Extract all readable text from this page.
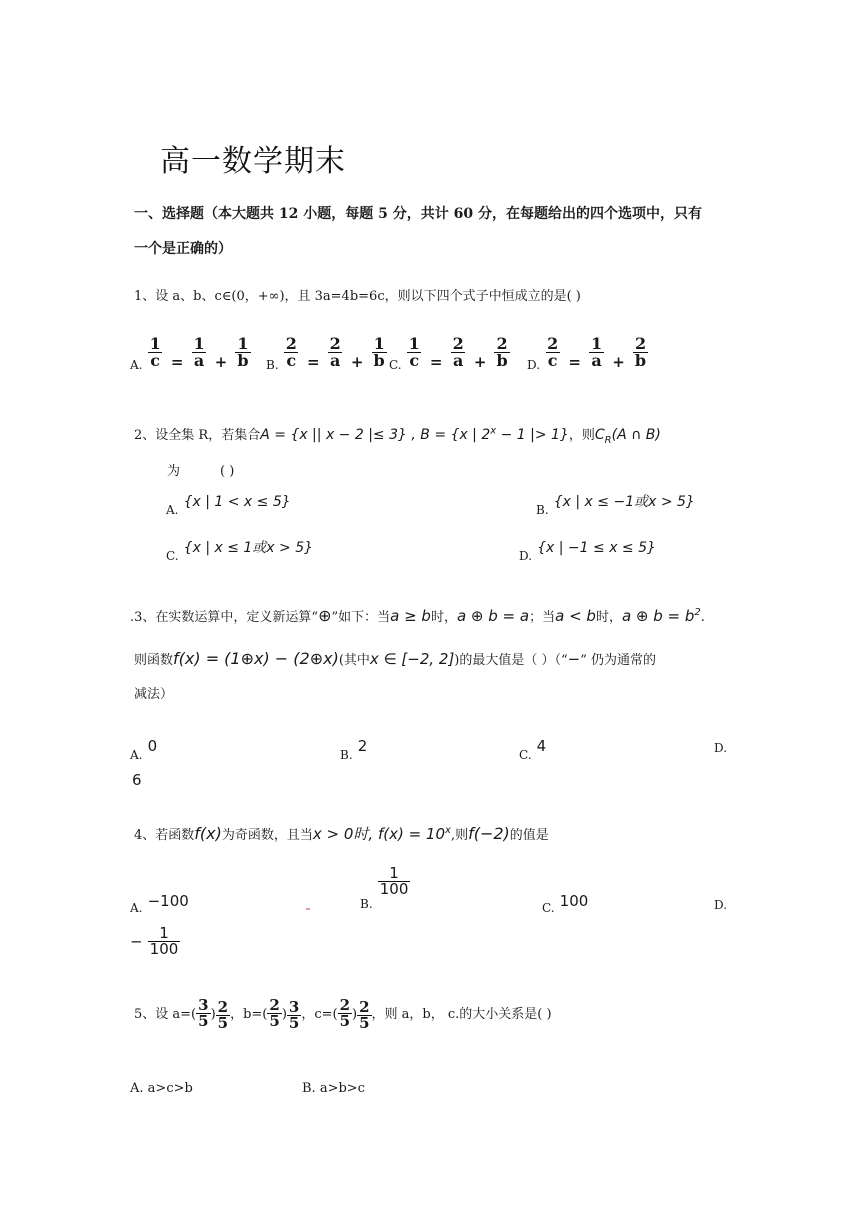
高一数学期末
一、选择题（本大题共 12 小题，每题 5 分，共计 60 分，在每题给出的四个选项中，只有
一个是正确的）
1、设 a、b、c∈(0，+∞)，且 3a=4b=6c，则以下四个式子中恒成立的是( )
$_{A.} \frac{1}{c} = \frac{1}{a} + \frac{1}{b} _{B.} \frac{2}{c} = \frac{2}{a} + \frac{1}{b} _{C.} \frac{1}{c} = \frac{2}{a} + \frac{2}{b} _{D.} \frac{2}{c} = \frac{1}{a} + \frac{2}{b}$
2、设全集 R，若集合A = {x || x − 2 |≤ 3} , B = {x | $2^x - 1$ |> 1}，则$C_R(A$ ∩ B)
为	( )
$_{A.}$ {x | 1 < x ≤ 5}	$_{B.}$ {x | x ≤ −1或x > 5}
$_{C.}$ {x | x ≤ 1或x > 5}	$_{D.}$ {x | −1 ≤ x ≤ 5}
.3、在实数运算中，定义新运算“⊕”如下：当a ≥ b时，a ⊕ b = a；当a < b时，a ⊕ $b = b^2$.
则函数f(x) = (1⊕x) − (2⊕x)(其中x ∈ [−2, 2])的最大值是（ ）（“−” 仍为通常的
减法）
$_{A.}$ 0	$_{B.}$ 2	$_{C.}$ 4	D.
6
4、若函数f(x)为奇函数，且当x > 0时, $f(x) = 10^x$,则f(−2)的值是
$_{A.}$ −100	$_{B.}$
$\frac{1}{100}$
$_{C.}$ 100	D.
− $\frac{1}{100}$
5、设 $a=( \frac{3}{5}$ ) $\frac{2}{5}$ ，$b=( \frac{2}{5}$ ) $\frac{3}{5}$ ，$c=( \frac{2}{5}$ ) $\frac{2}{5}$ ，则 a，b， c.的大小关系是( )
A. a>c>b	B. a>b>c
